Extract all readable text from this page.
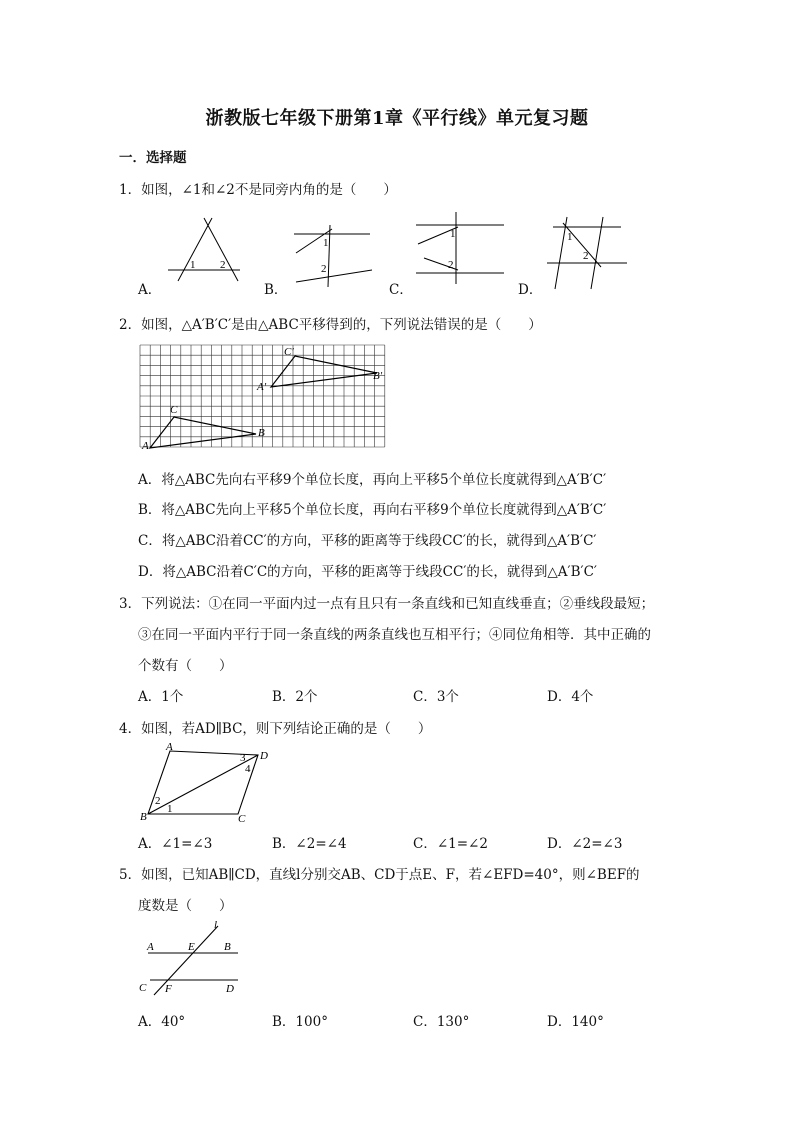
浙教版七年级下册第1章《平行线》单元复习题
一．选择题
1．如图，∠1和∠2不是同旁内角的是（　　）
1 2
A．
1
2
B．
1
2
C．
1
2
D．
2．如图，△A′B′C′是由△ABC平移得到的，下列说法错误的是（　　）
A
C
B
A′
C′
B′
A．将△ABC先向右平移9个单位长度，再向上平移5个单位长度就得到△A′B′C′
B．将△ABC先向上平移5个单位长度，再向右平移9个单位长度就得到△A′B′C′
C．将△ABC沿着CC′的方向，平移的距离等于线段CC′的长，就得到△A′B′C′
D．将△ABC沿着C′C的方向，平移的距离等于线段CC′的长，就得到△A′B′C′
3．下列说法：①在同一平面内过一点有且只有一条直线和已知直线垂直；②垂线段最短；
③在同一平面内平行于同一条直线的两条直线也互相平行；④同位角相等．其中正确的
个数有（　　）
A．1个	B．2个	C．3个	D．4个
4．如图，若AD∥BC，则下列结论正确的是（　　）
A
D
B	C
3
4
2
1
A．∠1=∠3	B．∠2=∠4	C．∠1=∠2	D．∠2=∠3
5．如图，已知AB∥CD，直线l分别交AB、CD于点E、F，若∠EFD=40°，则∠BEF的
度数是（　　）
A	E	B
l
C F	D
A．40°	B．100°	C．130°	D．140°
